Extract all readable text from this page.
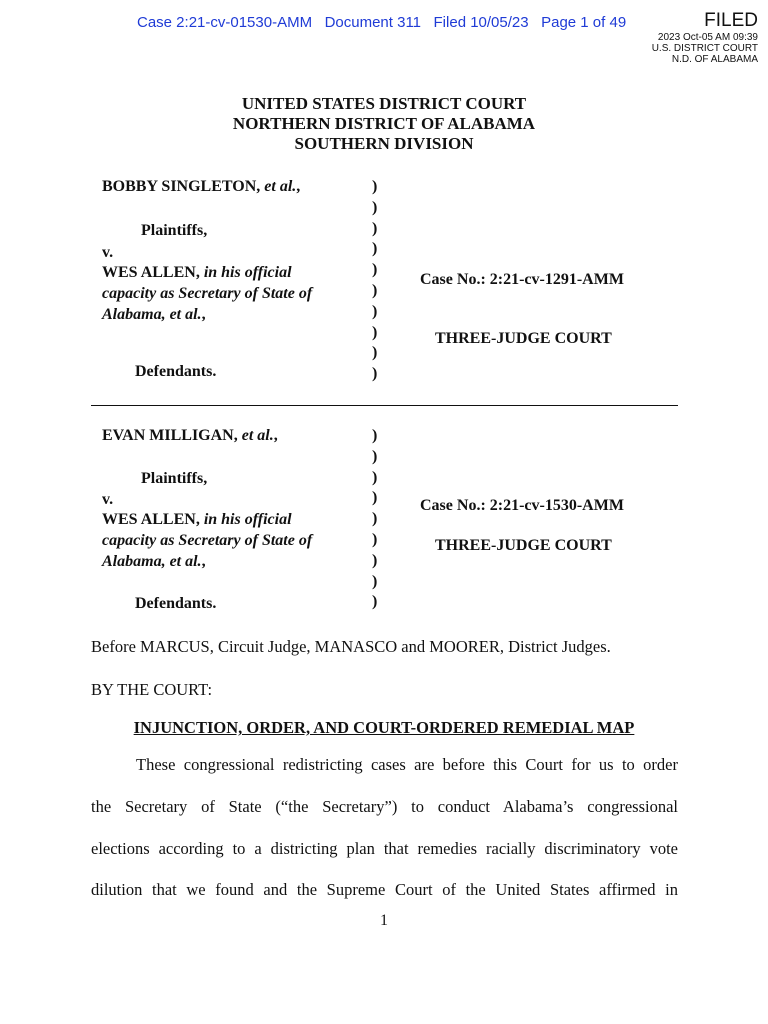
Case 2:21-cv-01530-AMM   Document 311   Filed 10/05/23   Page 1 of 49	FILED
2023 Oct-05 AM 09:39
U.S. DISTRICT COURT
N.D. OF ALABAMA
UNITED STATES DISTRICT COURT
NORTHERN DISTRICT OF ALABAMA
SOUTHERN DIVISION
BOBBY SINGLETON, et al.,
Plaintiffs,
v.
WES ALLEN, in his official
capacity as Secretary of State of
Alabama, et al.,
Defendants.
)
)
)
)
)
)
)
)
)
)
Case No.: 2:21-cv-1291-AMM
THREE-JUDGE COURT
EVAN MILLIGAN, et al.,
Plaintiffs,
v.
WES ALLEN, in his official
capacity as Secretary of State of
Alabama, et al.,
Defendants.
)
)
)
)
)
)
)
)
)
Case No.: 2:21-cv-1530-AMM
THREE-JUDGE COURT
Before MARCUS, Circuit Judge, MANASCO and MOORER, District Judges.
BY THE COURT:
INJUNCTION, ORDER, AND COURT-ORDERED REMEDIAL MAP
These congressional redistricting cases are before this Court for us to order
the Secretary of State (“the Secretary”) to conduct Alabama’s congressional
elections according to a districting plan that remedies racially discriminatory vote
dilution that we found and the Supreme Court of the United States affirmed in
1
